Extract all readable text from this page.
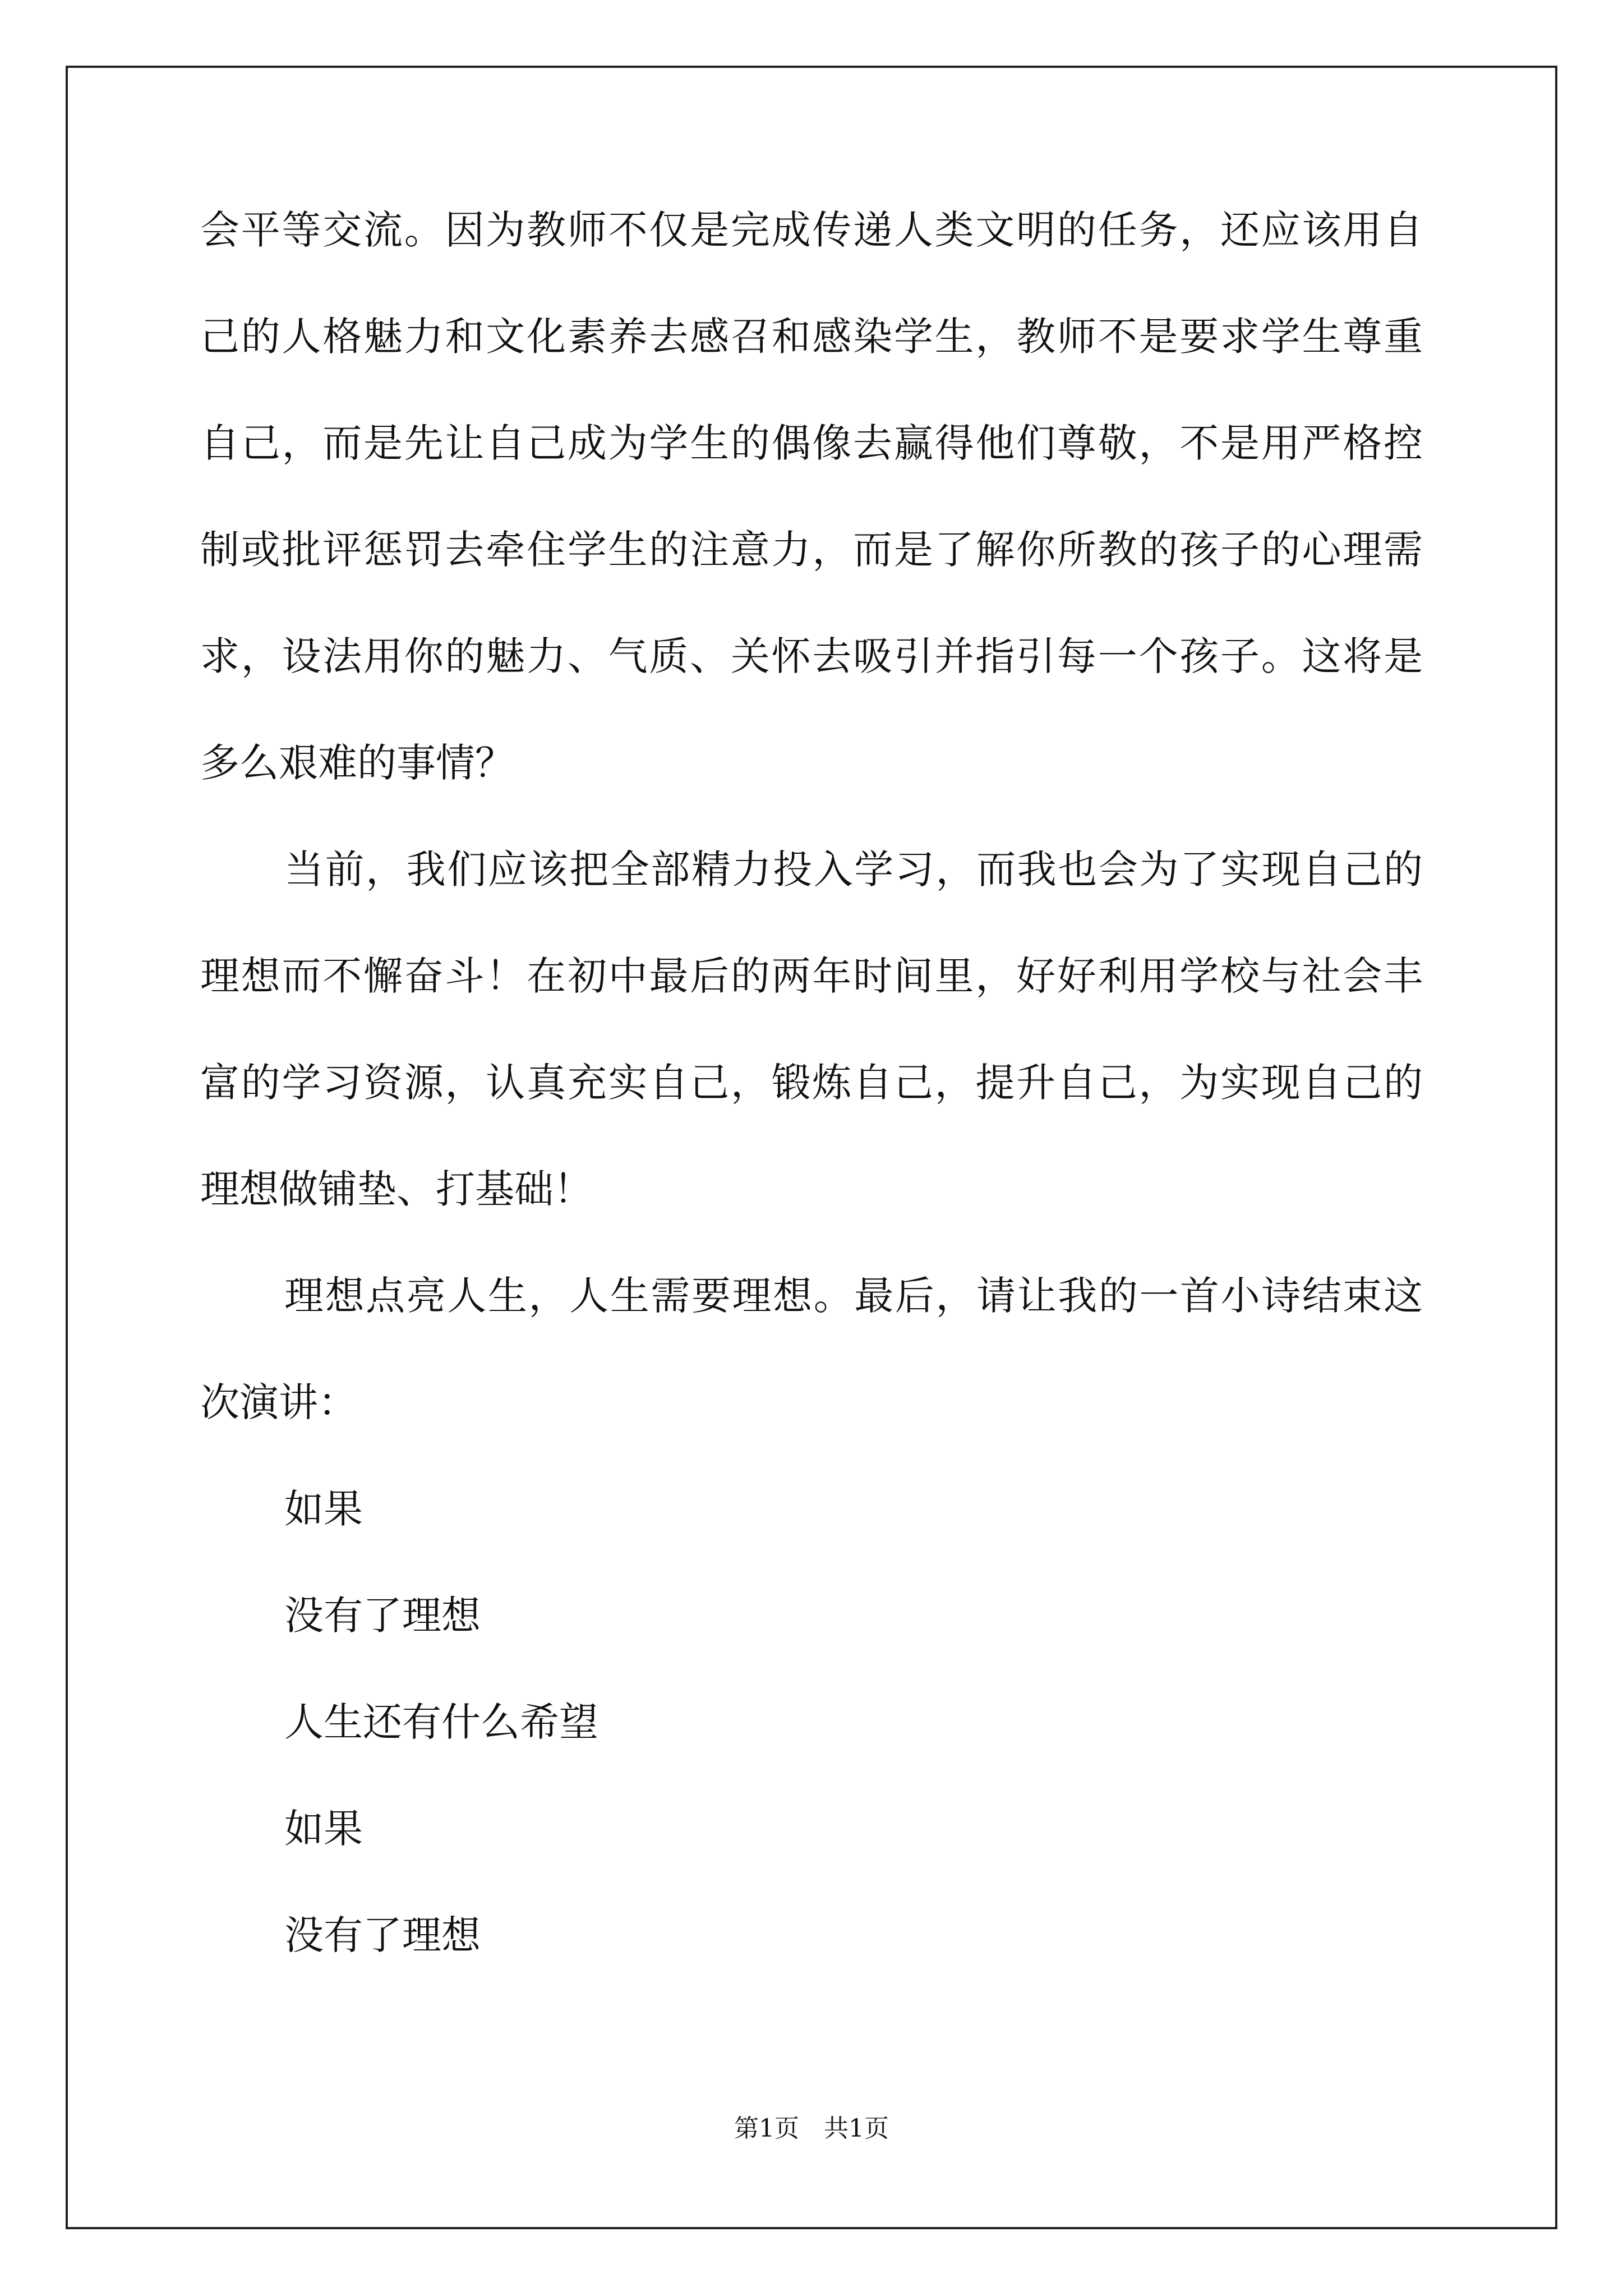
会平等交流。因为教师不仅是完成传递人类文明的任务，还应该用自
己的人格魅力和文化素养去感召和感染学生，教师不是要求学生尊重
自己，而是先让自己成为学生的偶像去赢得他们尊敬，不是用严格控
制或批评惩罚去牵住学生的注意力，而是了解你所教的孩子的心理需
求，设法用你的魅力、气质、关怀去吸引并指引每一个孩子。这将是
多么艰难的事情？
当前，我们应该把全部精力投入学习，而我也会为了实现自己的
理想而不懈奋斗！在初中最后的两年时间里，好好利用学校与社会丰
富的学习资源，认真充实自己，锻炼自己，提升自己，为实现自己的
理想做铺垫、打基础！
理想点亮人生，人生需要理想。最后，请让我的一首小诗结束这
次演讲：
如果
没有了理想
人生还有什么希望
如果
没有了理想
第1页　共1页
